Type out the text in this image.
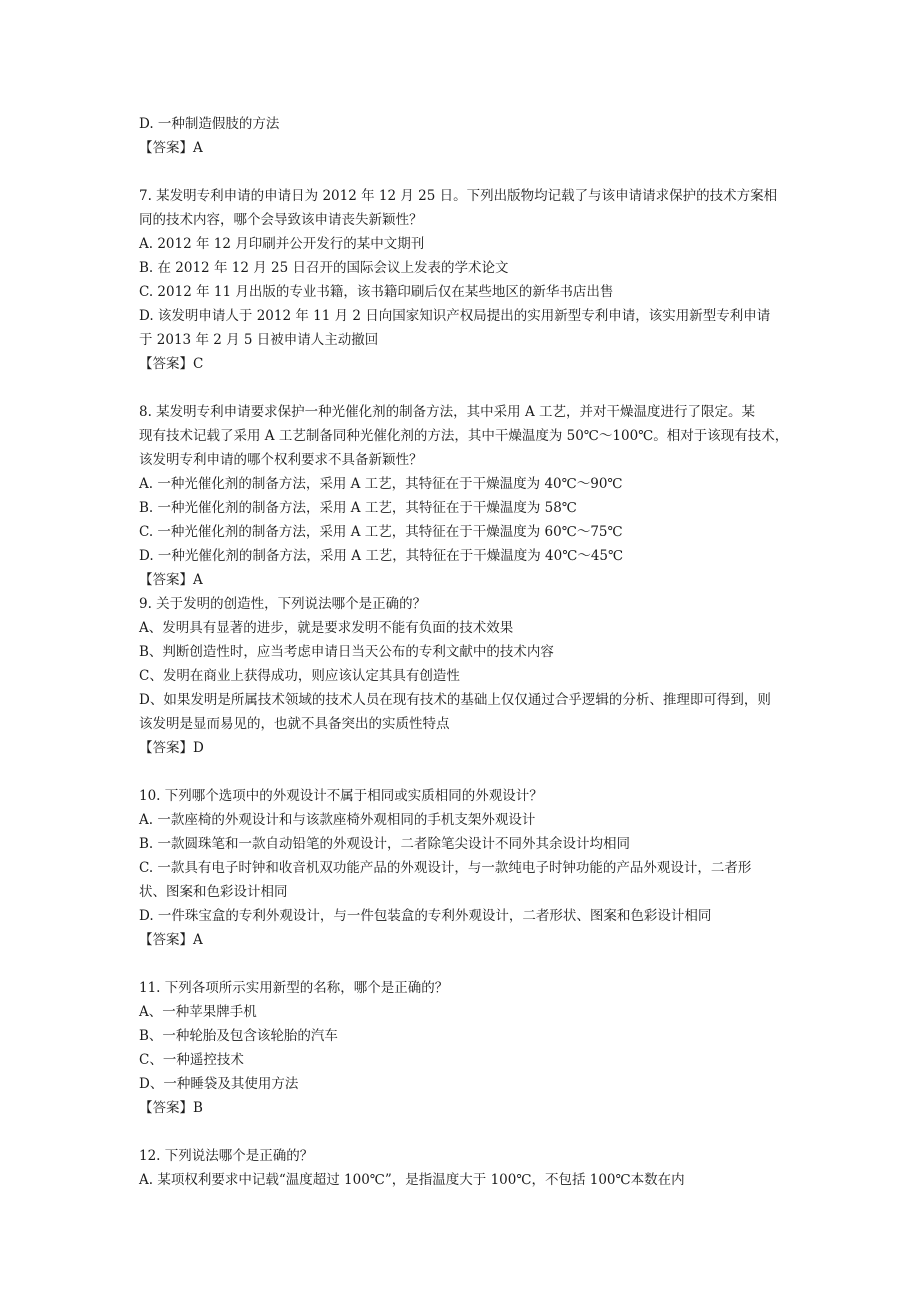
D. 一种制造假肢的方法
【答案】A
7. 某发明专利申请的申请日为 2012 年 12 月 25 日。下列出版物均记载了与该申请请求保护的技术方案相
同的技术内容，哪个会导致该申请丧失新颖性？
A. 2012 年 12 月印刷并公开发行的某中文期刊
B. 在 2012 年 12 月 25 日召开的国际会议上发表的学术论文
C. 2012 年 11 月出版的专业书籍，该书籍印刷后仅在某些地区的新华书店出售
D. 该发明申请人于 2012 年 11 月 2 日向国家知识产权局提出的实用新型专利申请，该实用新型专利申请
于 2013 年 2 月 5 日被申请人主动撤回
【答案】C
8. 某发明专利申请要求保护一种光催化剂的制备方法，其中采用 A 工艺，并对干燥温度进行了限定。某
现有技术记载了采用 A 工艺制备同种光催化剂的方法，其中干燥温度为 50℃～100℃。相对于该现有技术，
该发明专利申请的哪个权利要求不具备新颖性？
A. 一种光催化剂的制备方法，采用 A 工艺，其特征在于干燥温度为 40℃～90℃
B. 一种光催化剂的制备方法，采用 A 工艺，其特征在于干燥温度为 58℃
C. 一种光催化剂的制备方法，采用 A 工艺，其特征在于干燥温度为 60℃～75℃
D. 一种光催化剂的制备方法，采用 A 工艺，其特征在于干燥温度为 40℃～45℃
【答案】A
9. 关于发明的创造性，下列说法哪个是正确的？
A、发明具有显著的进步，就是要求发明不能有负面的技术效果
B、判断创造性时，应当考虑申请日当天公布的专利文献中的技术内容
C、发明在商业上获得成功，则应该认定其具有创造性
D、如果发明是所属技术领域的技术人员在现有技术的基础上仅仅通过合乎逻辑的分析、推理即可得到，则
该发明是显而易见的，也就不具备突出的实质性特点
【答案】D
10. 下列哪个选项中的外观设计不属于相同或实质相同的外观设计？
A. 一款座椅的外观设计和与该款座椅外观相同的手机支架外观设计
B. 一款圆珠笔和一款自动铅笔的外观设计，二者除笔尖设计不同外其余设计均相同
C. 一款具有电子时钟和收音机双功能产品的外观设计，与一款纯电子时钟功能的产品外观设计，二者形
状、图案和色彩设计相同
D. 一件珠宝盒的专利外观设计，与一件包装盒的专利外观设计，二者形状、图案和色彩设计相同
【答案】A
11. 下列各项所示实用新型的名称，哪个是正确的？
A、一种苹果牌手机
B、一种轮胎及包含该轮胎的汽车
C、一种遥控技术
D、一种睡袋及其使用方法
【答案】B
12. 下列说法哪个是正确的？
A. 某项权利要求中记载“温度超过 100℃”，是指温度大于 100℃，不包括 100℃本数在内
